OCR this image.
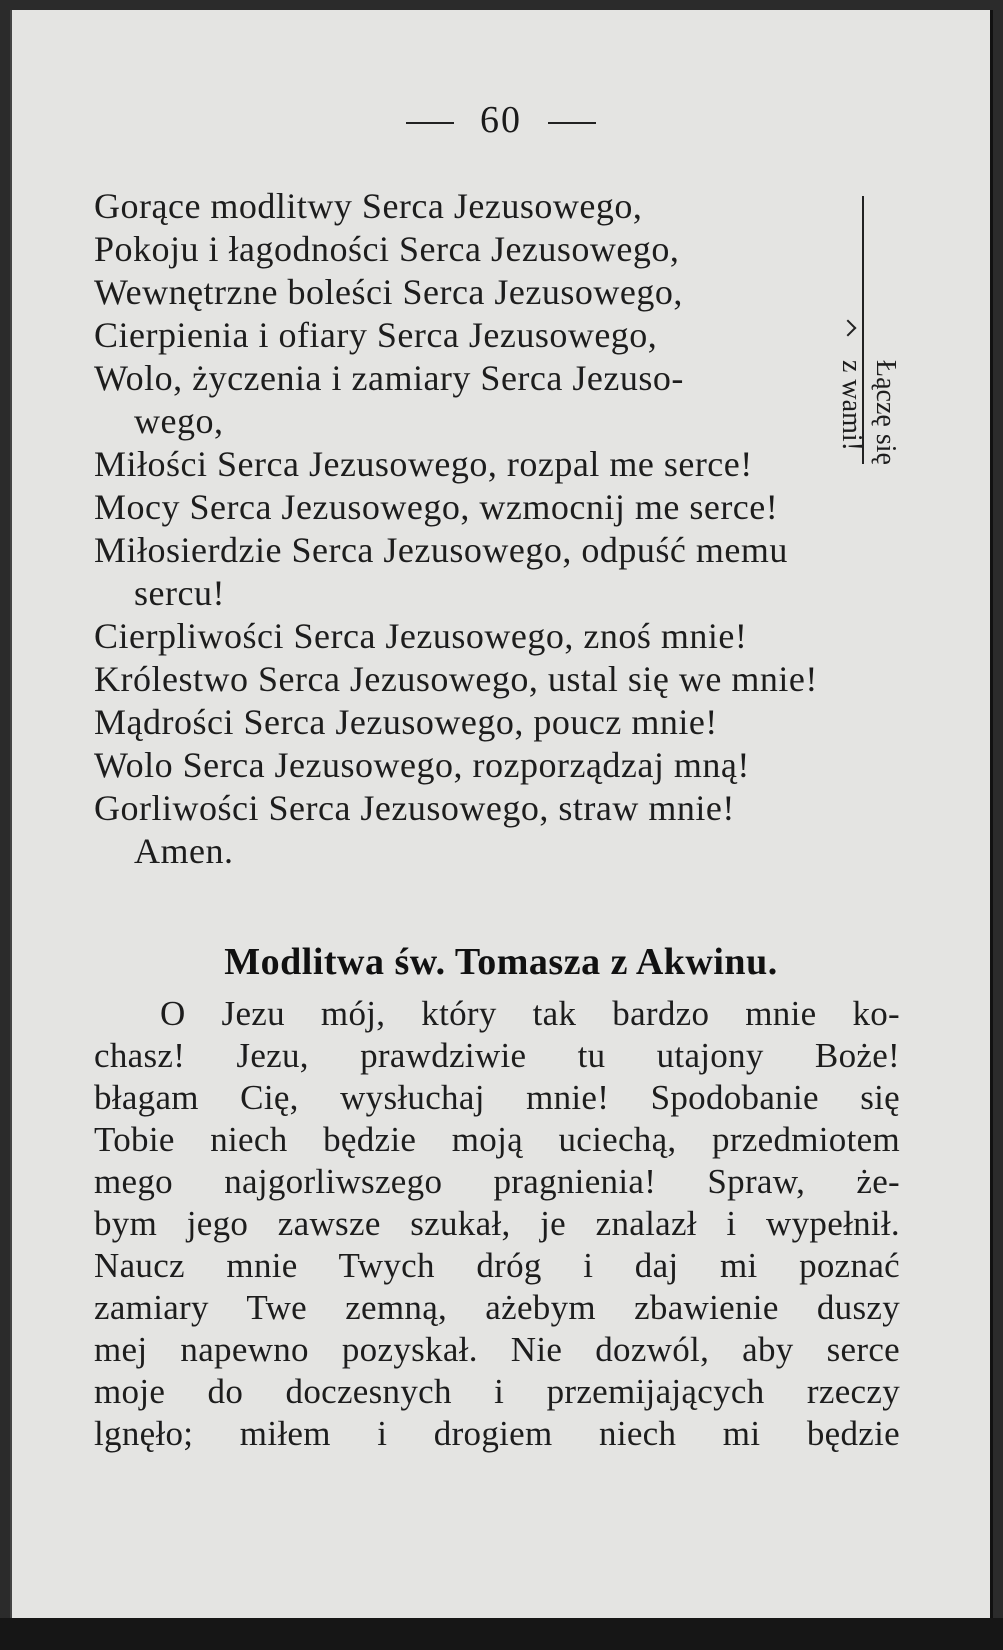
60
Gorące modlitwy Serca Jezusowego,
Pokoju i łagodności Serca Jezusowego,
Wewnętrzne boleści Serca Jezusowego,
Cierpienia i ofiary Serca Jezusowego,
Wolo, życzenia i zamiary Serca Jezuso-
wego,
Miłości Serca Jezusowego, rozpal me serce!
Mocy Serca Jezusowego, wzmocnij me serce!
Miłosierdzie Serca Jezusowego, odpuść memu
sercu!
Cierpliwości Serca Jezusowego, znoś mnie!
Królestwo Serca Jezusowego, ustal się we mnie!
Mądrości Serca Jezusowego, poucz mnie!
Wolo Serca Jezusowego, rozporządzaj mną!
Gorliwości Serca Jezusowego, straw mnie!
Amen.
Łączę się
z wami!
Modlitwa św. Tomasza z Akwinu.
O Jezu mój, który tak bardzo mnie ko-
chasz! Jezu, prawdziwie tu utajony Boże!
błagam Cię, wysłuchaj mnie! Spodobanie się
Tobie niech będzie moją uciechą, przedmiotem
mego najgorliwszego pragnienia! Spraw, że-
bym jego zawsze szukał, je znalazł i wypełnił.
Naucz mnie Twych dróg i daj mi poznać
zamiary Twe zemną, ażebym zbawienie duszy
mej napewno pozyskał. Nie dozwól, aby serce
moje do doczesnych i przemijających rzeczy
lgnęło; miłem i drogiem niech mi będzie
